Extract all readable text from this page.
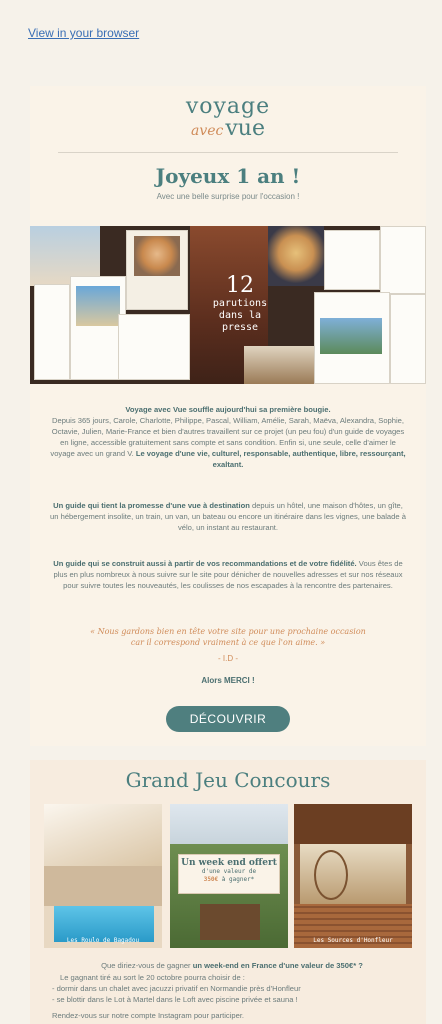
View in your browser
voyage
avecvue
Joyeux 1 an !
Avec une belle surprise pour l'occasion !
12
parutions
dans la presse
Voyage avec Vue souffle aujourd'hui sa première bougie.
Depuis 365 jours, Carole, Charlotte, Philippe, Pascal, William, Amélie, Sarah, Maëva, Alexandra, Sophie, Octavie, Julien, Marie-France et bien d'autres travaillent sur ce projet (un peu fou) d'un guide de voyages en ligne, accessible gratuitement sans compte et sans condition. Enfin si, une seule, celle d'aimer le voyage avec un grand V. Le voyage d'une vie, culturel, responsable, authentique, libre, ressourçant, exaltant.
Un guide qui tient la promesse d'une vue à destination depuis un hôtel, une maison d'hôtes, un gîte, un hébergement insolite, un train, un van, un bateau ou encore un itinéraire dans les vignes, une balade à vélo, un instant au restaurant.
Un guide qui se construit aussi à partir de vos recommandations et de votre fidélité. Vous êtes de plus en plus nombreux à nous suivre sur le site pour dénicher de nouvelles adresses et sur nos réseaux pour suivre toutes les nouveautés, les coulisses de nos escapades à la rencontre des partenaires.
« Nous gardons bien en tête votre site pour une prochaine occasion
car il correspond vraiment à ce que l'on aime. »
- I.D -
Alors MERCI !
DÉCOUVRIR
Grand Jeu Concours
Les Roulo de Bagadou
Un week end offert
d'une valeur de
350€ à gagner*
Les Sources d'Honfleur
Que diriez-vous de gagner un week-end en France d'une valeur de 350€* ?
Le gagnant tiré au sort le 20 octobre pourra choisir de :
- dormir dans un chalet avec jacuzzi privatif en Normandie près d'Honfleur
- se blottir dans le Lot à Martel dans le Loft avec piscine privée et sauna !
Rendez-vous sur notre compte Instagram pour participer.
